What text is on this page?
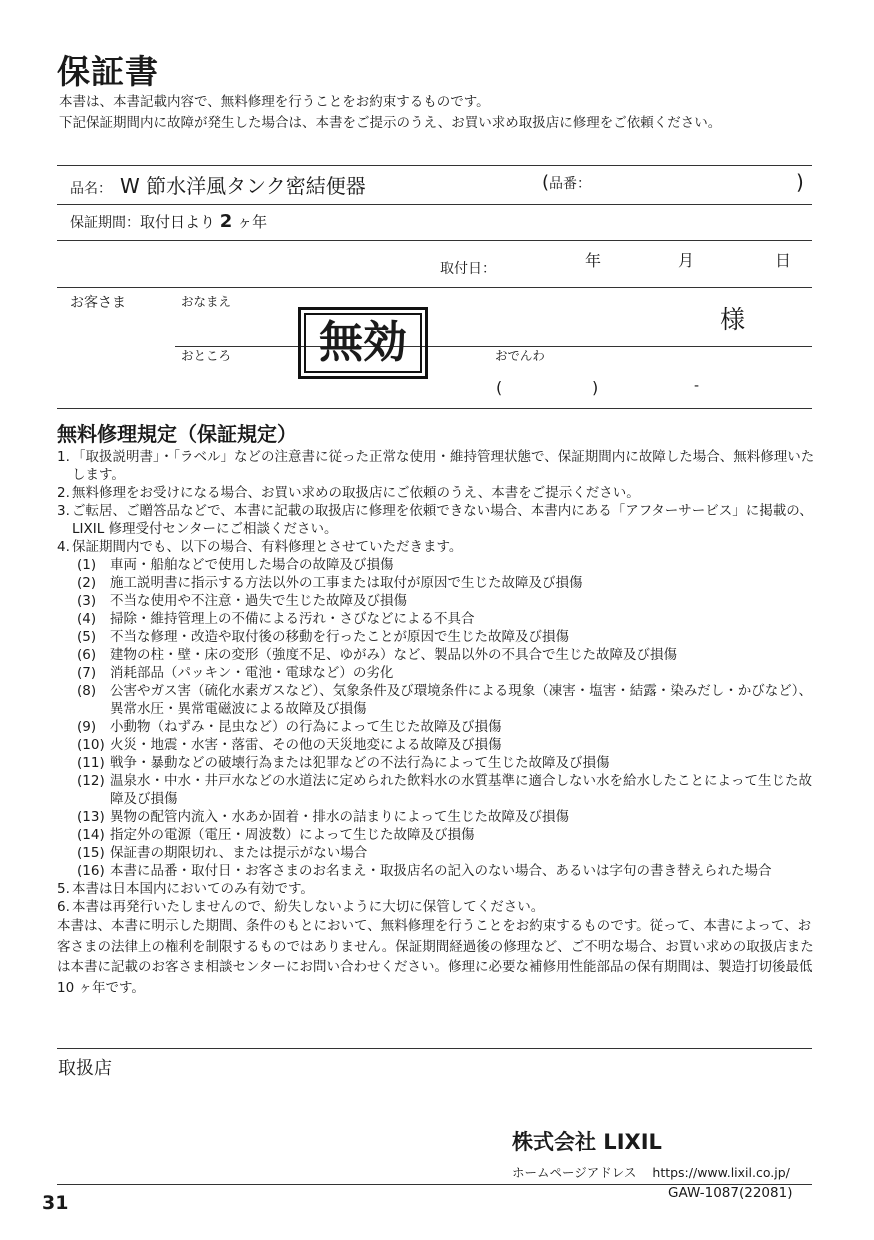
保証書
本書は、本書記載内容で、無料修理を行うことをお約束するものです。
下記保証期間内に故障が発生した場合は、本書をご提示のうえ、お買い求め取扱店に修理をご依頼ください。
品名： W 節水洋風タンク密結便器	(品番：	)
保証期間：取付日より 2 ヶ年
取付日：	年	月	日
お客さま	おなまえ
様
おところ	おでんわ
(	)	-
無効
無料修理規定（保証規定）
1. 「取扱説明書」・「ラベル」などの注意書に従った正常な使用・維持管理状態で、保証期間内に故障した場合、無料修理いたします。
2. 無料修理をお受けになる場合、お買い求めの取扱店にご依頼のうえ、本書をご提示ください。
3. ご転居、ご贈答品などで、本書に記載の取扱店に修理を依頼できない場合、本書内にある「アフターサービス」に掲載の、LIXIL 修理受付センターにご相談ください。
4. 保証期間内でも、以下の場合、有料修理とさせていただきます。
(1)	車両・船舶などで使用した場合の故障及び損傷
(2)	施工説明書に指示する方法以外の工事または取付が原因で生じた故障及び損傷
(3)	不当な使用や不注意・過失で生じた故障及び損傷
(4)	掃除・維持管理上の不備による汚れ・さびなどによる不具合
(5)	不当な修理・改造や取付後の移動を行ったことが原因で生じた故障及び損傷
(6)	建物の柱・壁・床の変形（強度不足、ゆがみ）など、製品以外の不具合で生じた故障及び損傷
(7)	消耗部品（パッキン・電池・電球など）の劣化
(8)	公害やガス害（硫化水素ガスなど）、気象条件及び環境条件による現象（凍害・塩害・結露・染みだし・かびなど）、異常水圧・異常電磁波による故障及び損傷
(9)	小動物（ねずみ・昆虫など）の行為によって生じた故障及び損傷
(10) 火災・地震・水害・落雷、その他の天災地変による故障及び損傷
(11) 戦争・暴動などの破壊行為または犯罪などの不法行為によって生じた故障及び損傷
(12) 温泉水・中水・井戸水などの水道法に定められた飲料水の水質基準に適合しない水を給水したことによって生じた故障及び損傷
(13) 異物の配管内流入・水あか固着・排水の詰まりによって生じた故障及び損傷
(14) 指定外の電源（電圧・周波数）によって生じた故障及び損傷
(15) 保証書の期限切れ、または提示がない場合
(16) 本書に品番・取付日・お客さまのお名まえ・取扱店名の記入のない場合、あるいは字句の書き替えられた場合
5. 本書は日本国内においてのみ有効です。
6. 本書は再発行いたしませんので、紛失しないように大切に保管してください。
本書は、本書に明示した期間、条件のもとにおいて、無料修理を行うことをお約束するものです。従って、本書によって、お客さまの法律上の権利を制限するものではありません。保証期間経過後の修理など、ご不明な場合、お買い求めの取扱店または本書に記載のお客さま相談センターにお問い合わせください。修理に必要な補修用性能部品の保有期間は、製造打切後最低 10 ヶ年です。
取扱店
株式会社 LIXIL
ホームページアドレス https://www.lixil.co.jp/
31	GAW-1087(22081)
